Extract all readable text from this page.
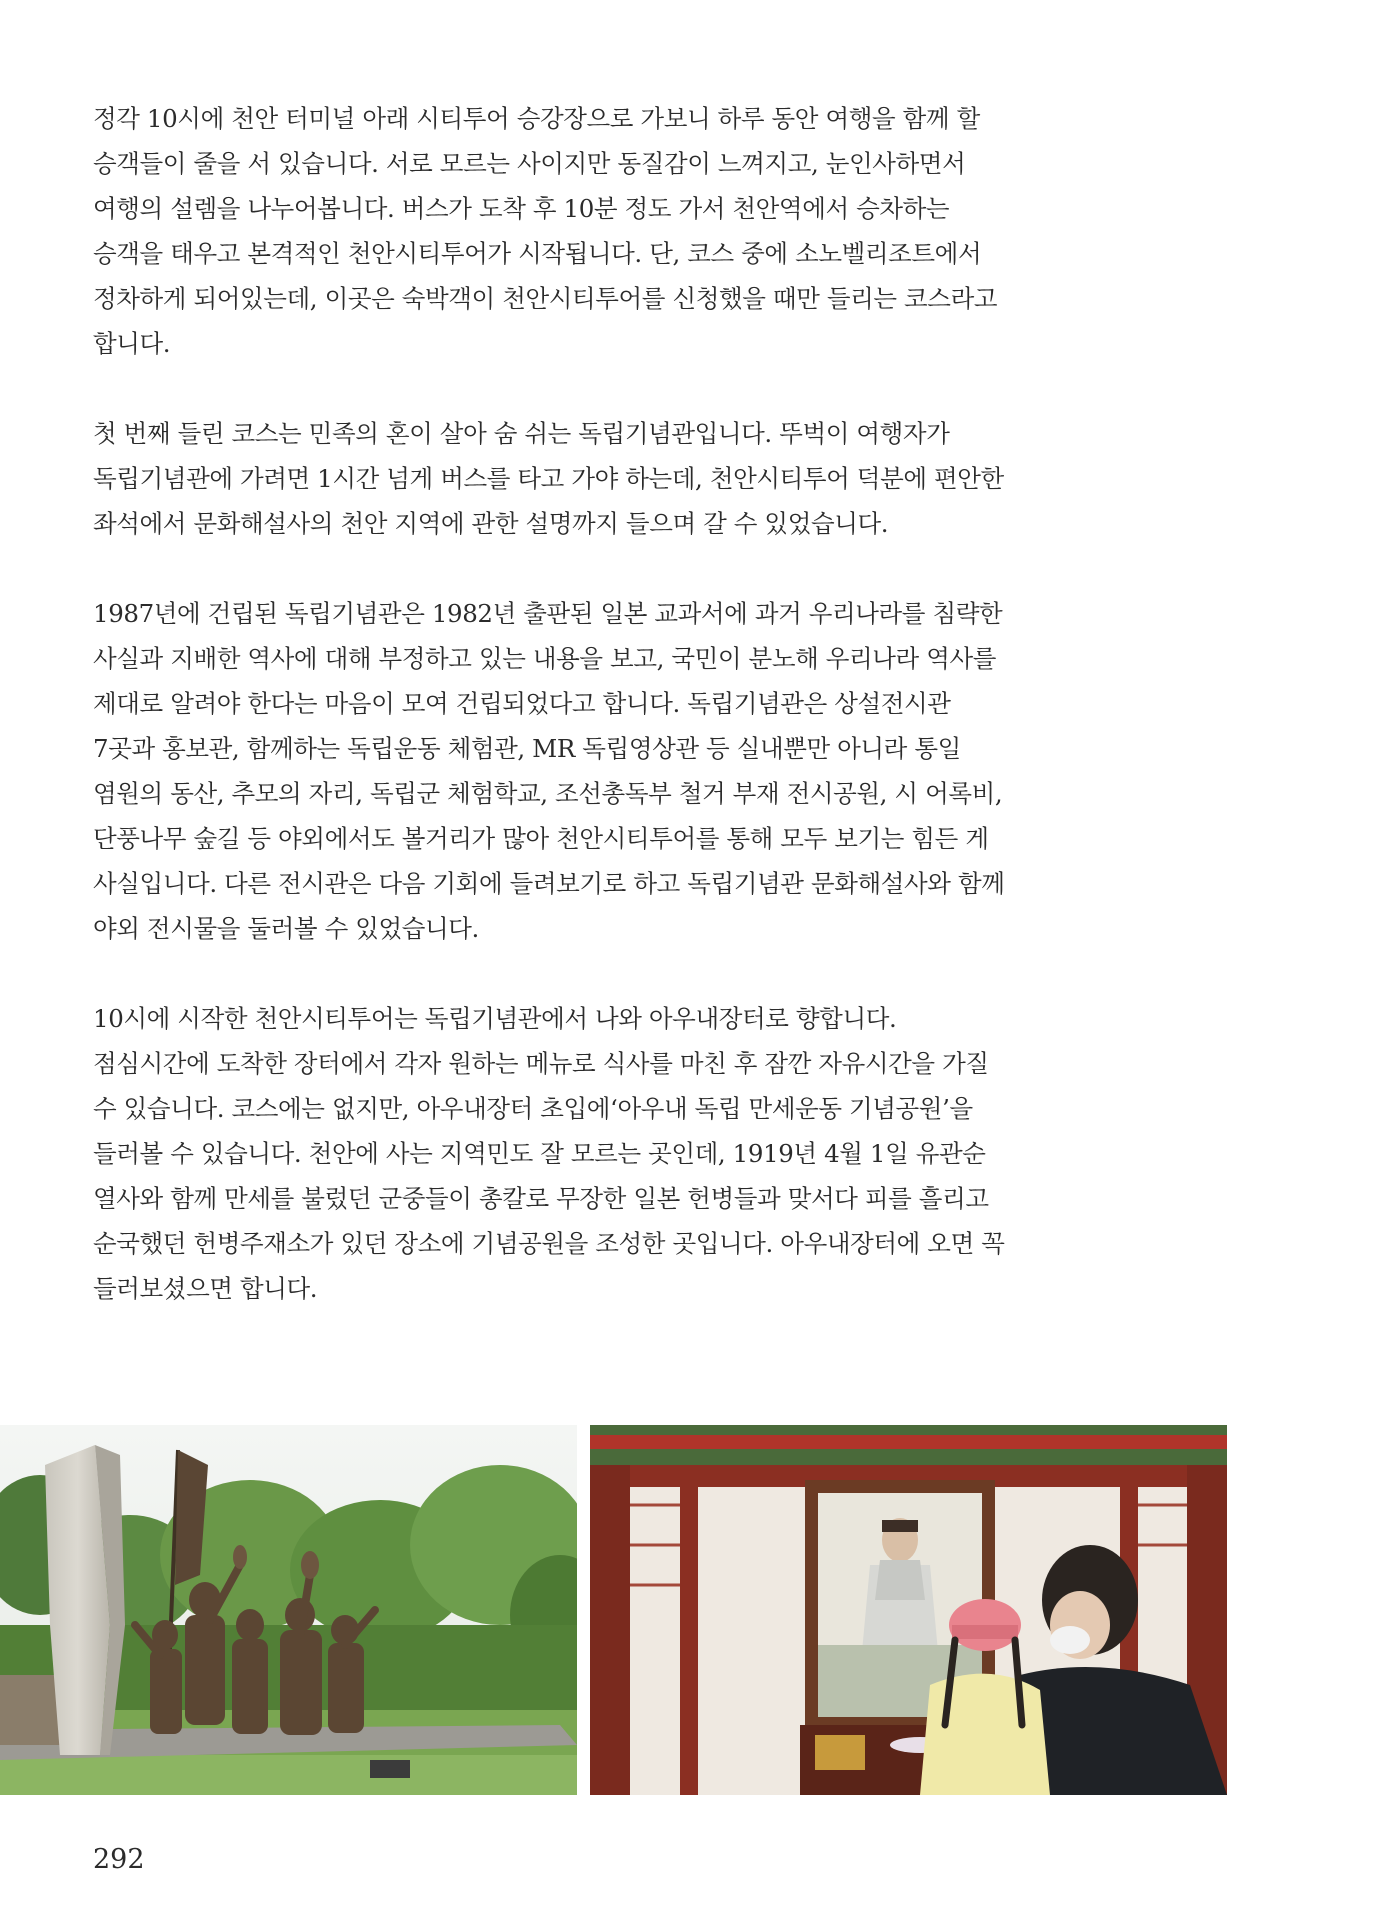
정각 10시에 천안 터미널 아래 시티투어 승강장으로 가보니 하루 동안 여행을 함께 할
승객들이 줄을 서 있습니다. 서로 모르는 사이지만 동질감이 느껴지고, 눈인사하면서
여행의 설렘을 나누어봅니다. 버스가 도착 후 10분 정도 가서 천안역에서 승차하는
승객을 태우고 본격적인 천안시티투어가 시작됩니다. 단, 코스 중에 소노벨리조트에서
정차하게 되어있는데, 이곳은 숙박객이 천안시티투어를 신청했을 때만 들리는 코스라고
합니다.

첫 번째 들린 코스는 민족의 혼이 살아 숨 쉬는 독립기념관입니다. 뚜벅이 여행자가
독립기념관에 가려면 1시간 넘게 버스를 타고 가야 하는데, 천안시티투어 덕분에 편안한
좌석에서 문화해설사의 천안 지역에 관한 설명까지 들으며 갈 수 있었습니다.

1987년에 건립된 독립기념관은 1982년 출판된 일본 교과서에 과거 우리나라를 침략한
사실과 지배한 역사에 대해 부정하고 있는 내용을 보고, 국민이 분노해 우리나라 역사를
제대로 알려야 한다는 마음이 모여 건립되었다고 합니다. 독립기념관은 상설전시관
7곳과 홍보관, 함께하는 독립운동 체험관, MR 독립영상관 등 실내뿐만 아니라 통일
염원의 동산, 추모의 자리, 독립군 체험학교, 조선총독부 철거 부재 전시공원, 시 어록비,
단풍나무 숲길 등 야외에서도 볼거리가 많아 천안시티투어를 통해 모두 보기는 힘든 게
사실입니다. 다른 전시관은 다음 기회에 들려보기로 하고 독립기념관 문화해설사와 함께
야외 전시물을 둘러볼 수 있었습니다.

10시에 시작한 천안시티투어는 독립기념관에서 나와 아우내장터로 향합니다.
점심시간에 도착한 장터에서 각자 원하는 메뉴로 식사를 마친 후 잠깐 자유시간을 가질
수 있습니다. 코스에는 없지만, 아우내장터 초입에‘아우내 독립 만세운동 기념공원’을
들러볼 수 있습니다. 천안에 사는 지역민도 잘 모르는 곳인데, 1919년 4월 1일 유관순
열사와 함께 만세를 불렀던 군중들이 총칼로 무장한 일본 헌병들과 맞서다 피를 흘리고
순국했던 헌병주재소가 있던 장소에 기념공원을 조성한 곳입니다. 아우내장터에 오면 꼭
들러보셨으면 합니다.

292
